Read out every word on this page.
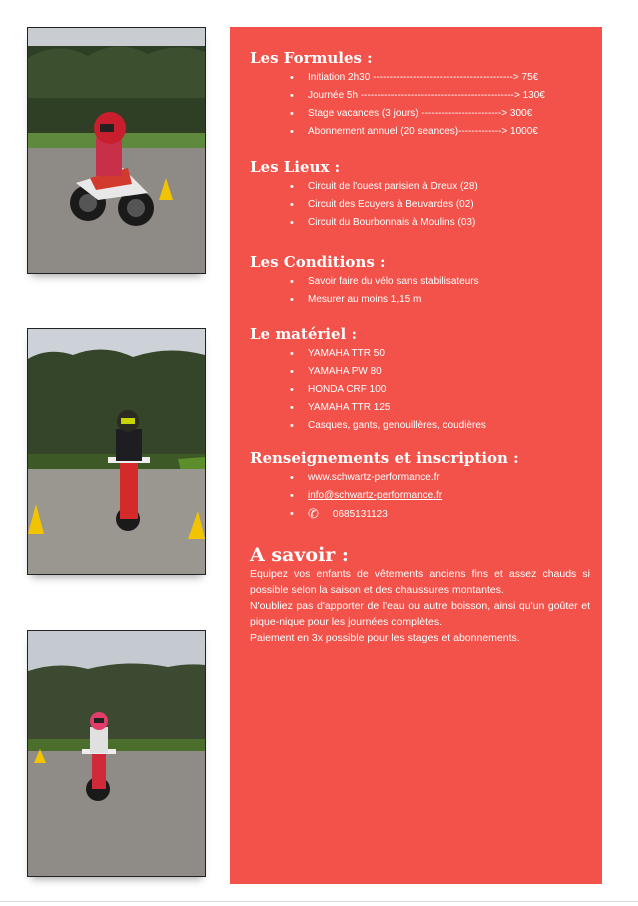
Les Formules :
• Initiation 2h30 ------------------------------------------> 75€
• Journée 5h ----------------------------------------------> 130€
• Stage vacances (3 jours) ------------------------> 300€
• Abonnement annuel (20 seances)-------------> 1000€
Les Lieux :
• Circuit de l'ouest parisien à Dreux (28)
• Circuit des Ecuyers à Beuvardes (02)
• Circuit du Bourbonnais à Moulins (03)
Les Conditions :
• Savoir faire du vélo sans stabilisateurs
• Mesurer au moins 1,15 m
Le matériel :
• YAMAHA TTR 50
• YAMAHA PW 80
• HONDA CRF 100
• YAMAHA TTR 125
• Casques, gants, genouillères, coudières
Renseignements et inscription :
• www.schwartz-performance.fr
• info@schwartz-performance.fr
• ✆ 0685131123
A savoir :

Equipez vos enfants de vêtements anciens fins et assez chauds si possible selon la saison et des chaussures montantes.

N'oubliez pas d'apporter de l'eau ou autre boisson, ainsi qu'un goûter et pique-nique pour les journées complètes.

Paiement en 3x possible pour les stages et abonnements.
